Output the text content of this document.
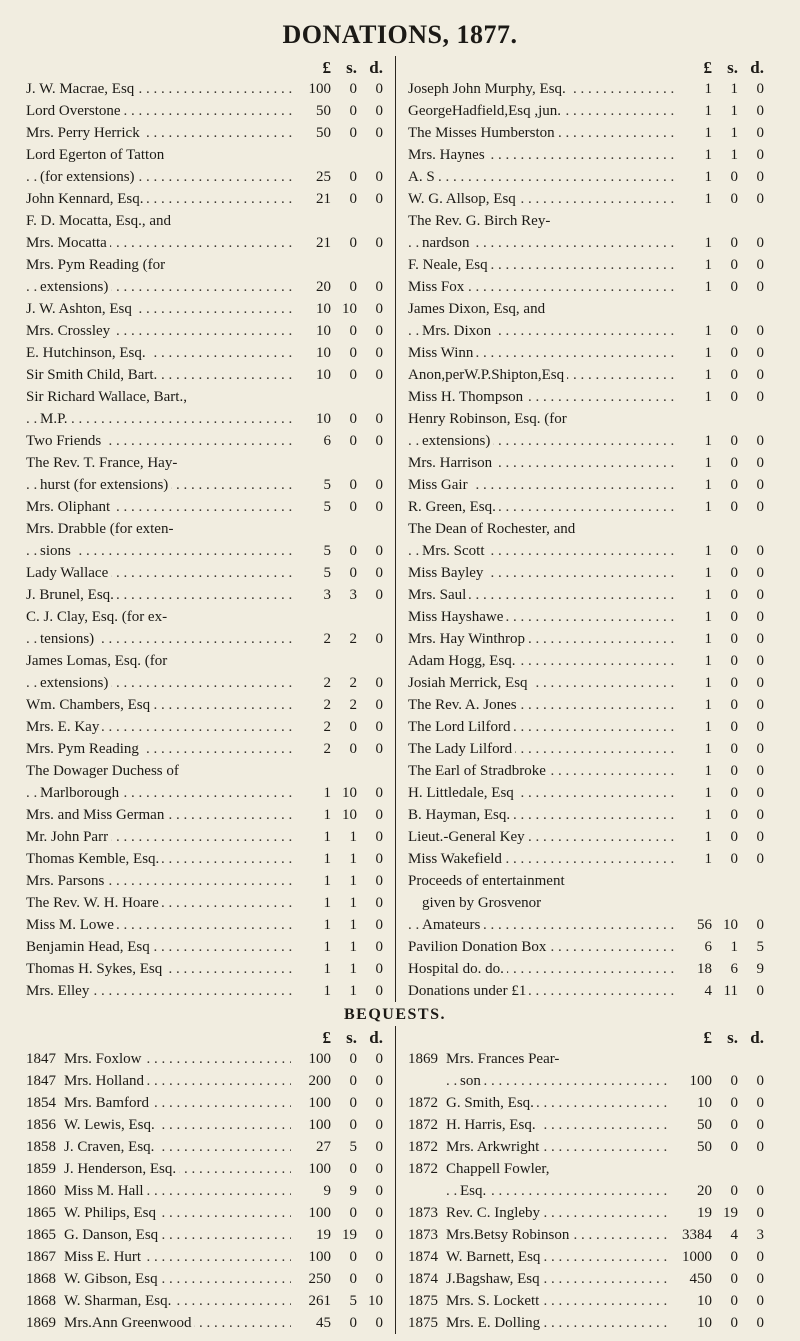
DONATIONS, 1877.
£ s. d.
J. W. Macrae, Esq . . .	100	0	0
Lord Overstone . . .	50	0	0
Mrs. Perry Herrick . . .	50	0	0
Lord Egerton of Tatton
(for extensions) . . .	25	0	0
John Kennard, Esq. . . .	21	0	0
F. D. Mocatta, Esq., and
Mrs. Mocatta . . .	21	0	0
Mrs. Pym Reading (for
extensions) . . .	20	0	0
J. W. Ashton, Esq . . .	10 10	0
Mrs. Crossley . . .	10	0	0
E. Hutchinson, Esq. . . .	10	0	0
Sir Smith Child, Bart. . . .	10	0	0
Sir Richard Wallace, Bart.,
M.P. . . .	10	0	0
Two Friends . . .	6	0	0
The Rev. T. France, Hay-
hurst (for extensions) . . .	5	0	0
Mrs. Oliphant . . .	5	0	0
Mrs. Drabble (for exten-
sions . . .	5	0	0
Lady Wallace . . .	5	0	0
J. Brunel, Esq. . . .	3	3	0
C. J. Clay, Esq. (for ex-
tensions) . . .	2	2	0
James Lomas, Esq. (for
extensions) . . .	2	2	0
Wm. Chambers, Esq . . .	2	2	0
Mrs. E. Kay . . .	2	0	0
Mrs. Pym Reading . . .	2	0	0
The Dowager Duchess of
Marlborough . . .	1 10	0
Mrs. and Miss German . . .	1 10	0
Mr. John Parr . . .	1	1	0
Thomas Kemble, Esq. . . .	1	1	0
Mrs. Parsons . . .	1	1	0
The Rev. W. H. Hoare . . .	1	1	0
Miss M. Lowe . . .	1	1	0
Benjamin Head, Esq . . .	1	1	0
Thomas H. Sykes, Esq . . .	1	1	0
Mrs. Elley . . .	1	1	0
£ s. d.
Joseph John Murphy, Esq. . . .	1	1	0
GeorgeHadfield,Esq ,jun. . . .	1	1	0
The Misses Humberston . . .	1	1	0
Mrs. Haynes . . .	1	1	0
A. S . . .	1	0	0
W. G. Allsop, Esq . . .	1	0	0
The Rev. G. Birch Rey-
nardson . . .	1	0	0
F. Neale, Esq . . .	1	0	0
Miss Fox . . .	1	0	0
James Dixon, Esq, and
Mrs. Dixon . . .	1	0	0
Miss Winn . . .	1	0	0
Anon,perW.P.Shipton,Esq . . .	1	0	0
Miss H. Thompson . . .	1	0	0
Henry Robinson, Esq. (for
extensions) . . .	1	0	0
Mrs. Harrison . . .	1	0	0
Miss Gair . . .	1	0	0
R. Green, Esq. . . .	1	0	0
The Dean of Rochester, and
Mrs. Scott . . .	1	0	0
Miss Bayley . . .	1	0	0
Mrs. Saul . . .	1	0	0
Miss Hayshawe . . .	1	0	0
Mrs. Hay Winthrop . . .	1	0	0
Adam Hogg, Esq. . . .	1	0	0
Josiah Merrick, Esq . . .	1	0	0
The Rev. A. Jones . . .	1	0	0
The Lord Lilford . . .	1	0	0
The Lady Lilford . . .	1	0	0
The Earl of Stradbroke . . .	1	0	0
H. Littledale, Esq . . .	1	0	0
B. Hayman, Esq. . . .	1	0	0
Lieut.-General Key . . .	1	0	0
Miss Wakefield . . .	1	0	0
Proceeds of entertainment
given by Grosvenor
Amateurs . . .	56 10	0
Pavilion Donation Box . . .	6	1	5
Hospital do. do. . . .	18	6	9
Donations under £1 . . .	4 11	0
BEQUESTS.
£ s. d.
1847 Mrs. Foxlow . . .	100	0	0
1847 Mrs. Holland . . .	200	0	0
1854 Mrs. Bamford . . .	100	0	0
1856 W. Lewis, Esq. . . .	100	0	0
1858 J. Craven, Esq. . . .	27	5	0
1859 J. Henderson, Esq. . . .	100	0	0
1860 Miss M. Hall . . .	9	9	0
1865 W. Philips, Esq . . .	100	0	0
1865 G. Danson, Esq . . .	19 19	0
1867 Miss E. Hurt . . .	100	0	0
1868 W. Gibson, Esq . . .	250	0	0
1868 W. Sharman, Esq. . . .	261	5 10
1869 Mrs.Ann Greenwood . . .	45	0	0
£ s. d.
1869 Mrs. Frances Pear-
son . . .	100	0	0
1872 G. Smith, Esq. . . .	10	0	0
1872 H. Harris, Esq. . . .	50	0	0
1872 Mrs. Arkwright . . .	50	0	0
1872 Chappell Fowler,
Esq. . . .	20	0	0
1873 Rev. C. Ingleby . . .	19 19	0
1873 Mrs.Betsy Robinson . . .	3384	4	3
1874 W. Barnett, Esq . . .	1000	0	0
1874 J.Bagshaw, Esq . . .	450	0	0
1875 Mrs. S. Lockett . . .	10	0	0
1875 Mrs. E. Dolling . . .	10	0	0
